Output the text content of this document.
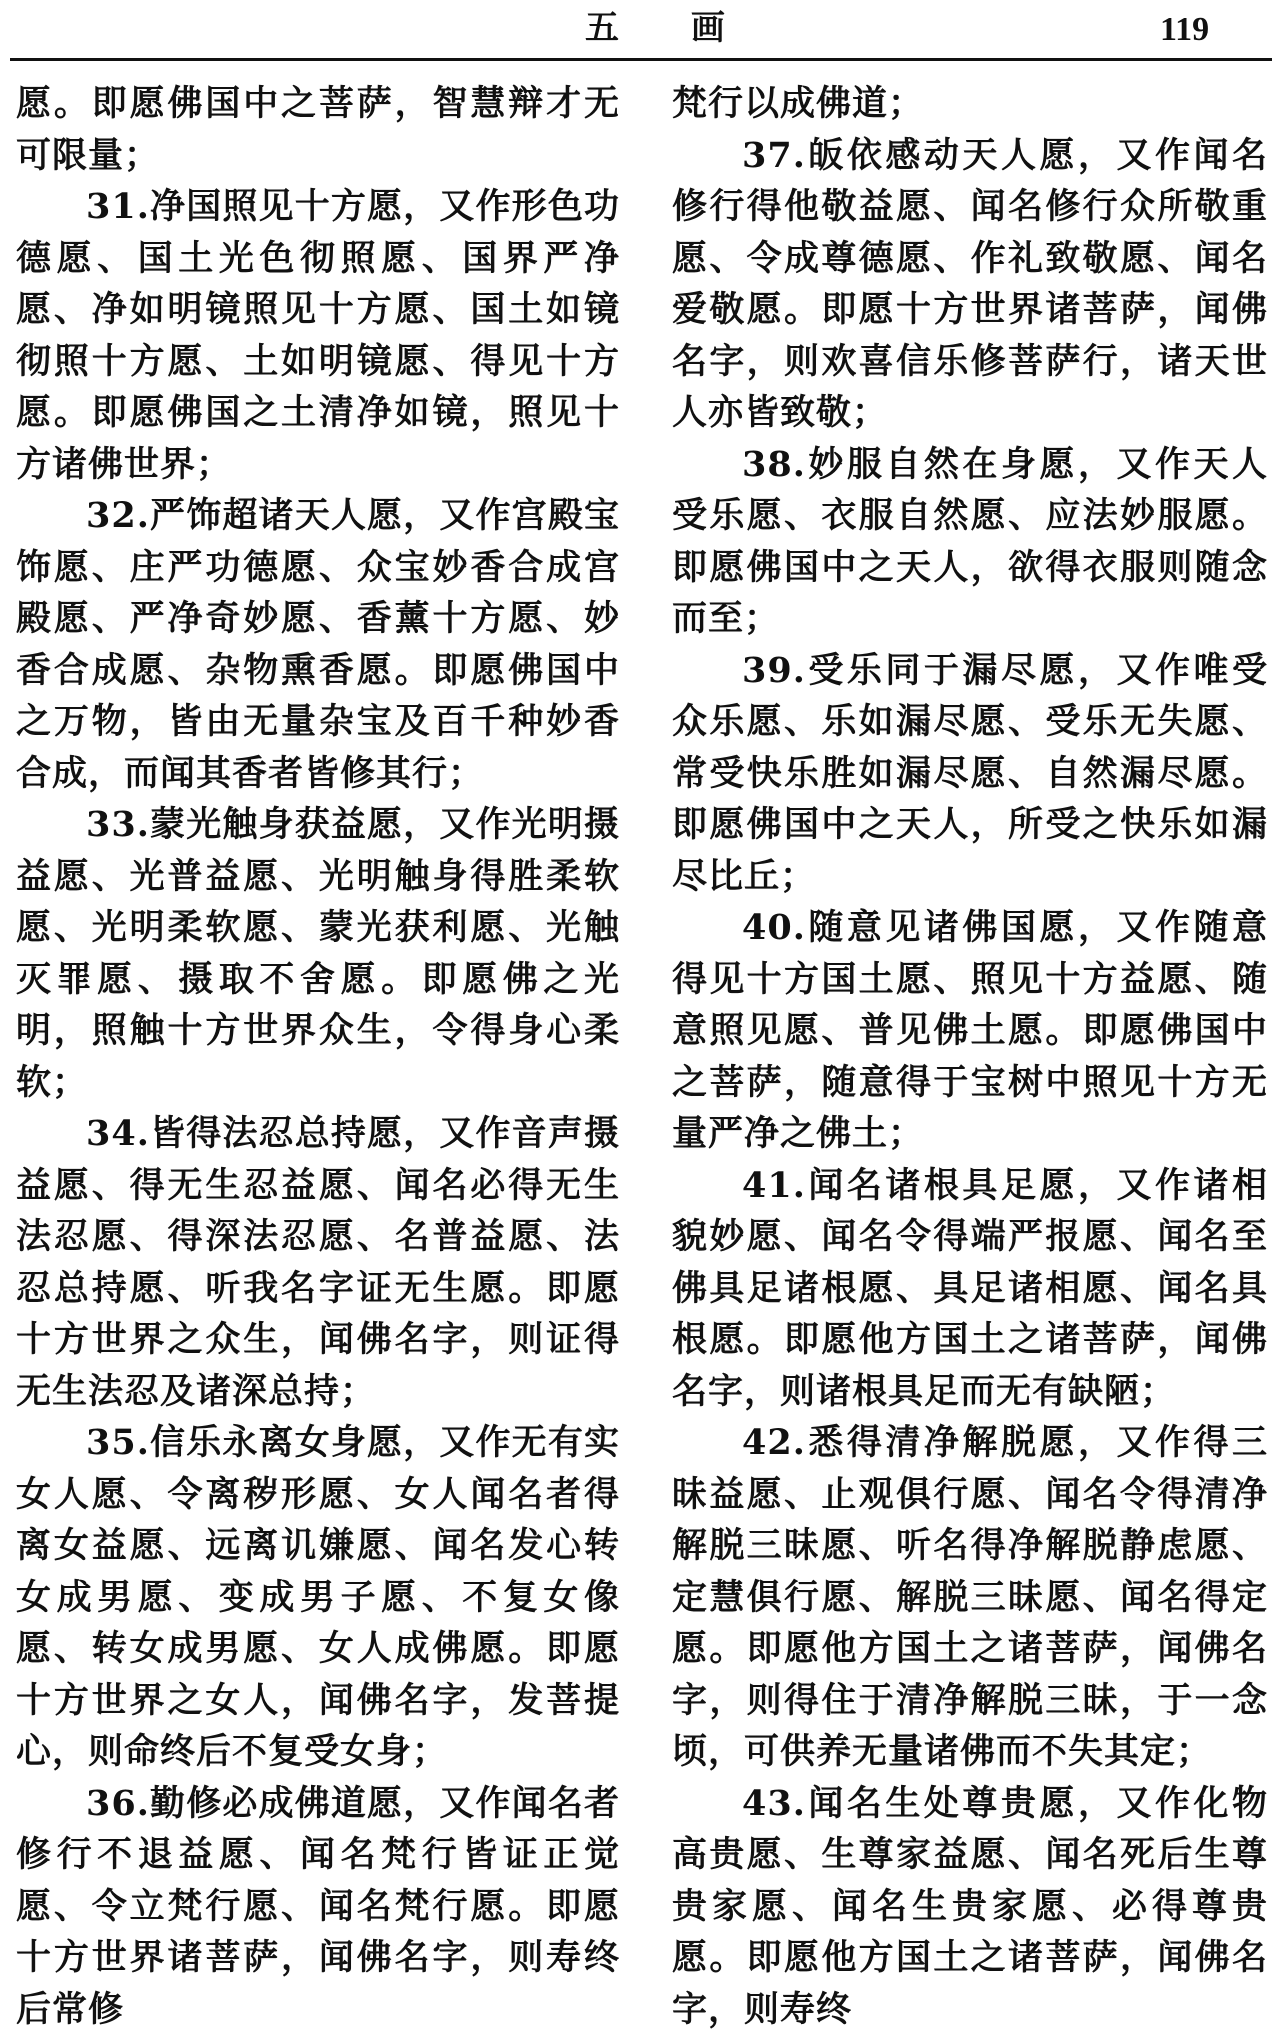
五 画	119

愿。即愿佛国中之菩萨，智慧辩才无可限量；

31.净国照见十方愿，又作形色功德愿、国土光色彻照愿、国界严净愿、净如明镜照见十方愿、国土如镜彻照十方愿、土如明镜愿、得见十方愿。即愿佛国之土清净如镜，照见十方诸佛世界；

32.严饰超诸天人愿，又作宫殿宝饰愿、庄严功德愿、众宝妙香合成宫殿愿、严净奇妙愿、香薰十方愿、妙香合成愿、杂物熏香愿。即愿佛国中之万物，皆由无量杂宝及百千种妙香合成，而闻其香者皆修其行；

33.蒙光触身获益愿，又作光明摄益愿、光普益愿、光明触身得胜柔软愿、光明柔软愿、蒙光获利愿、光触灭罪愿、摄取不舍愿。即愿佛之光明，照触十方世界众生，令得身心柔软；

34.皆得法忍总持愿，又作音声摄益愿、得无生忍益愿、闻名必得无生法忍愿、得深法忍愿、名普益愿、法忍总持愿、听我名字证无生愿。即愿十方世界之众生，闻佛名字，则证得无生法忍及诸深总持；

35.信乐永离女身愿，又作无有实女人愿、令离秽形愿、女人闻名者得离女益愿、远离讥嫌愿、闻名发心转女成男愿、变成男子愿、不复女像愿、转女成男愿、女人成佛愿。即愿十方世界之女人，闻佛名字，发菩提心，则命终后不复受女身；

36.勤修必成佛道愿，又作闻名者修行不退益愿、闻名梵行皆证正觉愿、令立梵行愿、闻名梵行愿。即愿十方世界诸菩萨，闻佛名字，则寿终后常修

梵行以成佛道；

37.皈依感动天人愿，又作闻名修行得他敬益愿、闻名修行众所敬重愿、令成尊德愿、作礼致敬愿、闻名爱敬愿。即愿十方世界诸菩萨，闻佛名字，则欢喜信乐修菩萨行，诸天世人亦皆致敬；

38.妙服自然在身愿，又作天人受乐愿、衣服自然愿、应法妙服愿。即愿佛国中之天人，欲得衣服则随念而至；

39.受乐同于漏尽愿，又作唯受众乐愿、乐如漏尽愿、受乐无失愿、常受快乐胜如漏尽愿、自然漏尽愿。即愿佛国中之天人，所受之快乐如漏尽比丘；

40.随意见诸佛国愿，又作随意得见十方国土愿、照见十方益愿、随意照见愿、普见佛土愿。即愿佛国中之菩萨，随意得于宝树中照见十方无量严净之佛土；

41.闻名诸根具足愿，又作诸相貌妙愿、闻名令得端严报愿、闻名至佛具足诸根愿、具足诸相愿、闻名具根愿。即愿他方国土之诸菩萨，闻佛名字，则诸根具足而无有缺陋；

42.悉得清净解脱愿，又作得三昧益愿、止观俱行愿、闻名令得清净解脱三昧愿、听名得净解脱静虑愿、定慧俱行愿、解脱三昧愿、闻名得定愿。即愿他方国土之诸菩萨，闻佛名字，则得住于清净解脱三昧，于一念顷，可供养无量诸佛而不失其定；

43.闻名生处尊贵愿，又作化物高贵愿、生尊家益愿、闻名死后生尊贵家愿、闻名生贵家愿、必得尊贵愿。即愿他方国土之诸菩萨，闻佛名字，则寿终
